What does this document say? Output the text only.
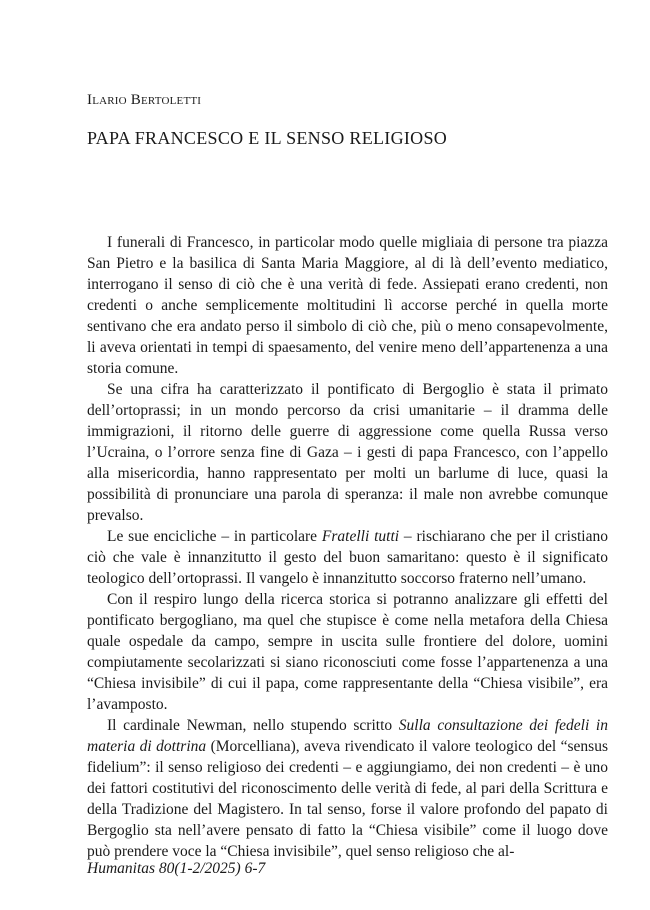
Ilario Bertoletti
PAPA FRANCESCO E IL SENSO RELIGIOSO

I funerali di Francesco, in particolar modo quelle migliaia di persone tra piazza San Pietro e la basilica di Santa Maria Maggiore, al di là dell’evento mediatico, interrogano il senso di ciò che è una verità di fede. Assiepati erano credenti, non credenti o anche semplicemente moltitudini lì accorse perché in quella morte sentivano che era andato perso il simbolo di ciò che, più o meno consapevolmente, li aveva orientati in tempi di spaesamento, del venire meno dell’appartenenza a una storia comune.

Se una cifra ha caratterizzato il pontificato di Bergoglio è stata il primato dell’ortoprassi; in un mondo percorso da crisi umanitarie – il dramma delle immigrazioni, il ritorno delle guerre di aggressione come quella Russa verso l’Ucraina, o l’orrore senza fine di Gaza – i gesti di papa Francesco, con l’appello alla misericordia, hanno rappresentato per molti un barlume di luce, quasi la possibilità di pronunciare una parola di speranza: il male non avrebbe comunque prevalso.

Le sue encicliche – in particolare Fratelli tutti – rischiarano che per il cristiano ciò che vale è innanzitutto il gesto del buon samaritano: questo è il significato teologico dell’ortoprassi. Il vangelo è innanzitutto soccorso fraterno nell’umano.

Con il respiro lungo della ricerca storica si potranno analizzare gli effetti del pontificato bergogliano, ma quel che stupisce è come nella metafora della Chiesa quale ospedale da campo, sempre in uscita sulle frontiere del dolore, uomini compiutamente secolarizzati si siano riconosciuti come fosse l’appartenenza a una “Chiesa invisibile” di cui il papa, come rappresentante della “Chiesa visibile”, era l’avamposto.

Il cardinale Newman, nello stupendo scritto Sulla consultazione dei fedeli in materia di dottrina (Morcelliana), aveva rivendicato il valore teologico del “sensus fidelium”: il senso religioso dei credenti – e aggiungiamo, dei non credenti – è uno dei fattori costitutivi del riconoscimento delle verità di fede, al pari della Scrittura e della Tradizione del Magistero. In tal senso, forse il valore profondo del papato di Bergoglio sta nell’avere pensato di fatto la “Chiesa visibile” come il luogo dove può prendere voce la “Chiesa invisibile”, quel senso religioso che al-

Humanitas 80(1-2/2025) 6-7
